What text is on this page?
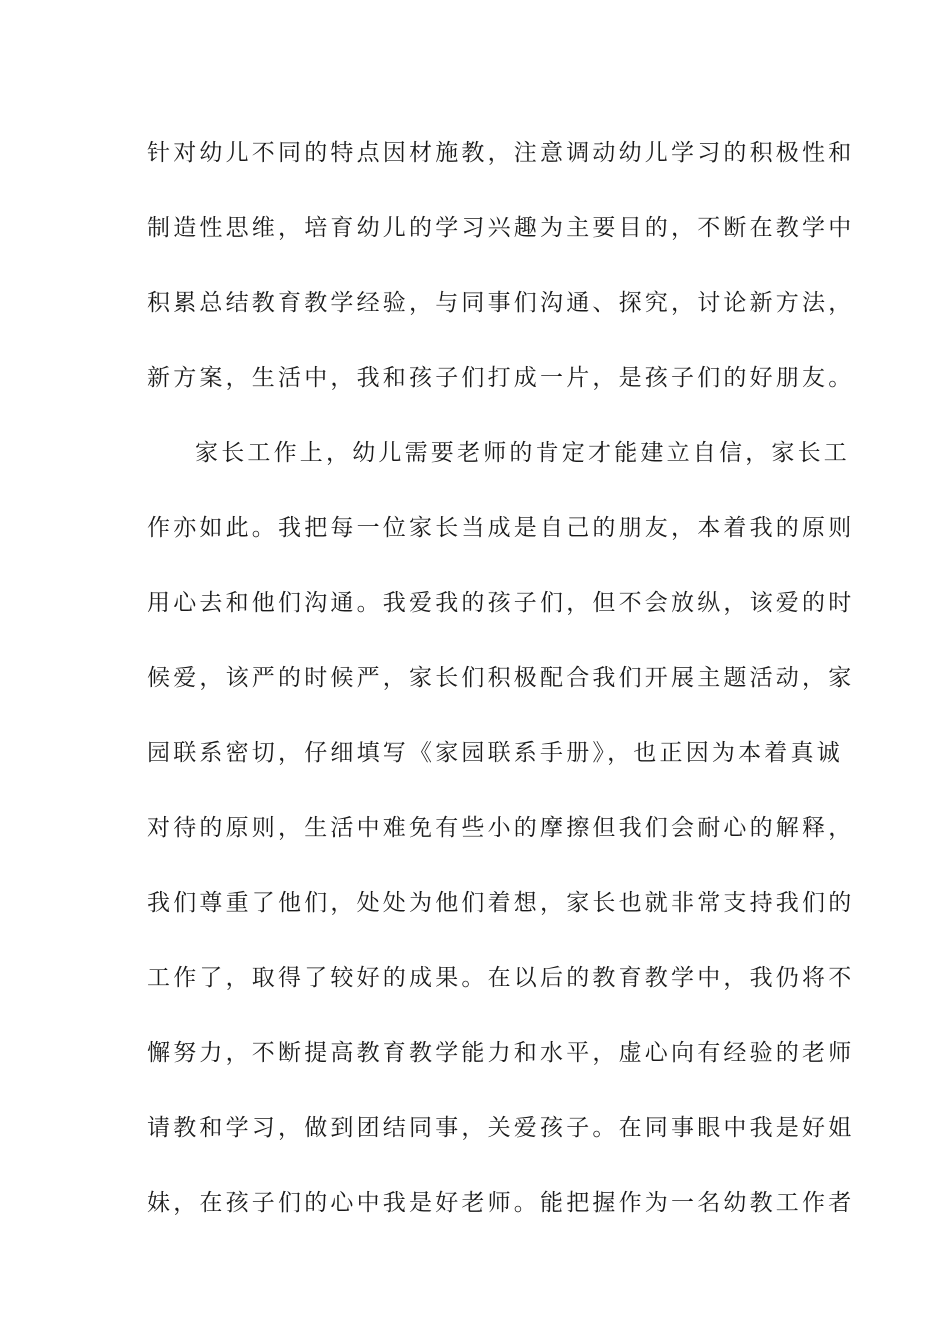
针对幼儿不同的特点因材施教，注意调动幼儿学习的积极性和
制造性思维，培育幼儿的学习兴趣为主要目的，不断在教学中
积累总结教育教学经验，与同事们沟通、探究，讨论新方法，
新方案，生活中，我和孩子们打成一片，是孩子们的好朋友。
家长工作上，幼儿需要老师的肯定才能建立自信，家长工
作亦如此。我把每一位家长当成是自己的朋友，本着我的原则
用心去和他们沟通。我爱我的孩子们，但不会放纵，该爱的时
候爱，该严的时候严，家长们积极配合我们开展主题活动，家
园联系密切，仔细填写《家园联系手册》，也正因为本着真诚
对待的原则，生活中难免有些小的摩擦但我们会耐心的解释，
我们尊重了他们，处处为他们着想，家长也就非常支持我们的
工作了，取得了较好的成果。在以后的教育教学中，我仍将不
懈努力，不断提高教育教学能力和水平，虚心向有经验的老师
请教和学习，做到团结同事，关爱孩子。在同事眼中我是好姐
妹，在孩子们的心中我是好老师。能把握作为一名幼教工作者
